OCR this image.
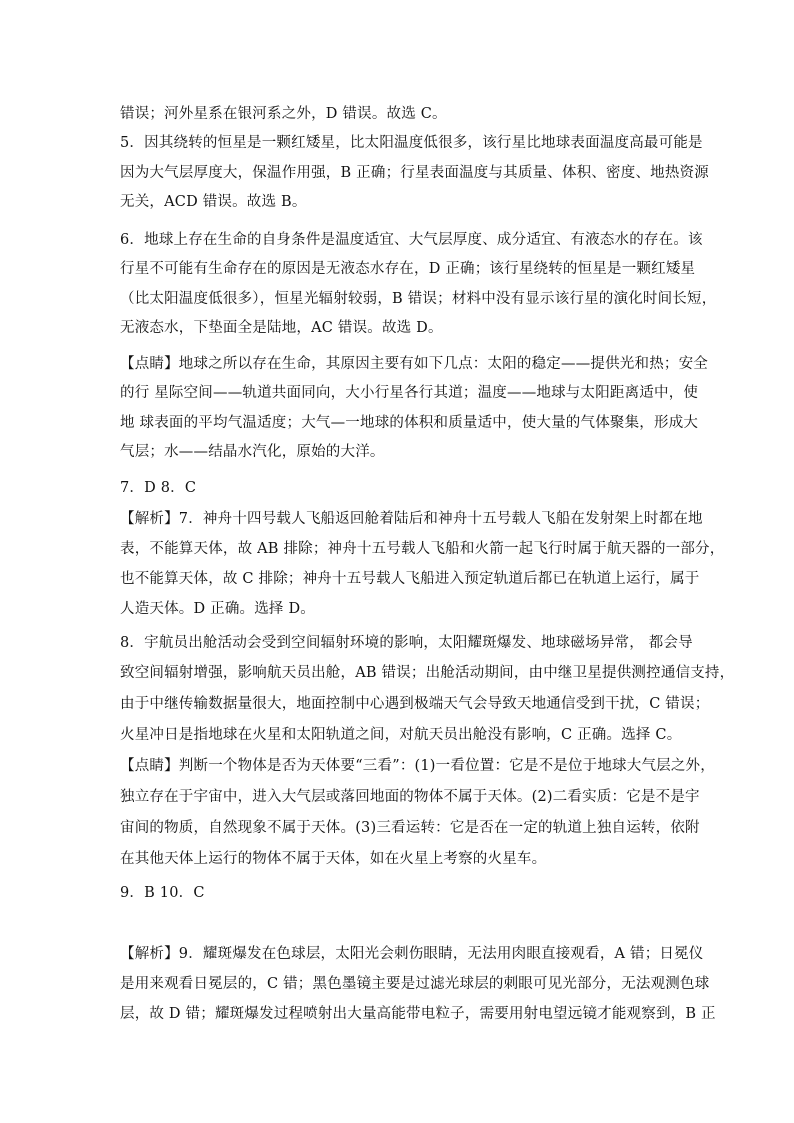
错误；河外星系在银河系之外，D 错误。故选 C。
5．因其绕转的恒星是一颗红矮星，比太阳温度低很多，该行星比地球表面温度高最可能是
因为大气层厚度大，保温作用强，B 正确；行星表面温度与其质量、体积、密度、地热资源
无关，ACD 错误。故选 B。
6．地球上存在生命的自身条件是温度适宜、大气层厚度、成分适宜、有液态水的存在。该
行星不可能有生命存在的原因是无液态水存在，D 正确；该行星绕转的恒星是一颗红矮星
（比太阳温度低很多），恒星光辐射较弱，B 错误；材料中没有显示该行星的演化时间长短，
无液态水，下垫面全是陆地，AC 错误。故选 D。
【点睛】地球之所以存在生命，其原因主要有如下几点：太阳的稳定——提供光和热；安全
的行 星际空间——轨道共面同向，大小行星各行其道；温度——地球与太阳距离适中，使
地 球表面的平均气温适度；大气—一地球的体积和质量适中，使大量的气体聚集，形成大
气层；水——结晶水汽化，原始的大洋。
7．D 8．C
【解析】7．神舟十四号载人飞船返回舱着陆后和神舟十五号载人飞船在发射架上时都在地
表，不能算天体，故 AB 排除；神舟十五号载人飞船和火箭一起飞行时属于航天器的一部分，
也不能算天体，故 C 排除；神舟十五号载人飞船进入预定轨道后都已在轨道上运行，属于
人造天体。D 正确。选择 D。
8．宇航员出舱活动会受到空间辐射环境的影响，太阳耀斑爆发、地球磁场异常， 都会导
致空间辐射增强，影响航天员出舱，AB 错误；出舱活动期间，由中继卫星提供测控通信支持，
由于中继传输数据量很大，地面控制中心遇到极端天气会导致天地通信受到干扰，C 错误；
火星冲日是指地球在火星和太阳轨道之间，对航天员出舱没有影响，C 正确。选择 C。
【点睛】判断一个物体是否为天体要“三看”：(1)一看位置：它是不是位于地球大气层之外，
独立存在于宇宙中，进入大气层或落回地面的物体不属于天体。(2)二看实质：它是不是宇
宙间的物质，自然现象不属于天体。(3)三看运转：它是否在一定的轨道上独自运转，依附
在其他天体上运行的物体不属于天体，如在火星上考察的火星车。
9．B 10．C
【解析】9．耀斑爆发在色球层，太阳光会刺伤眼睛，无法用肉眼直接观看，A 错；日冕仪
是用来观看日冕层的，C 错；黑色墨镜主要是过滤光球层的刺眼可见光部分，无法观测色球
层，故 D 错；耀斑爆发过程喷射出大量高能带电粒子，需要用射电望远镜才能观察到，B 正
